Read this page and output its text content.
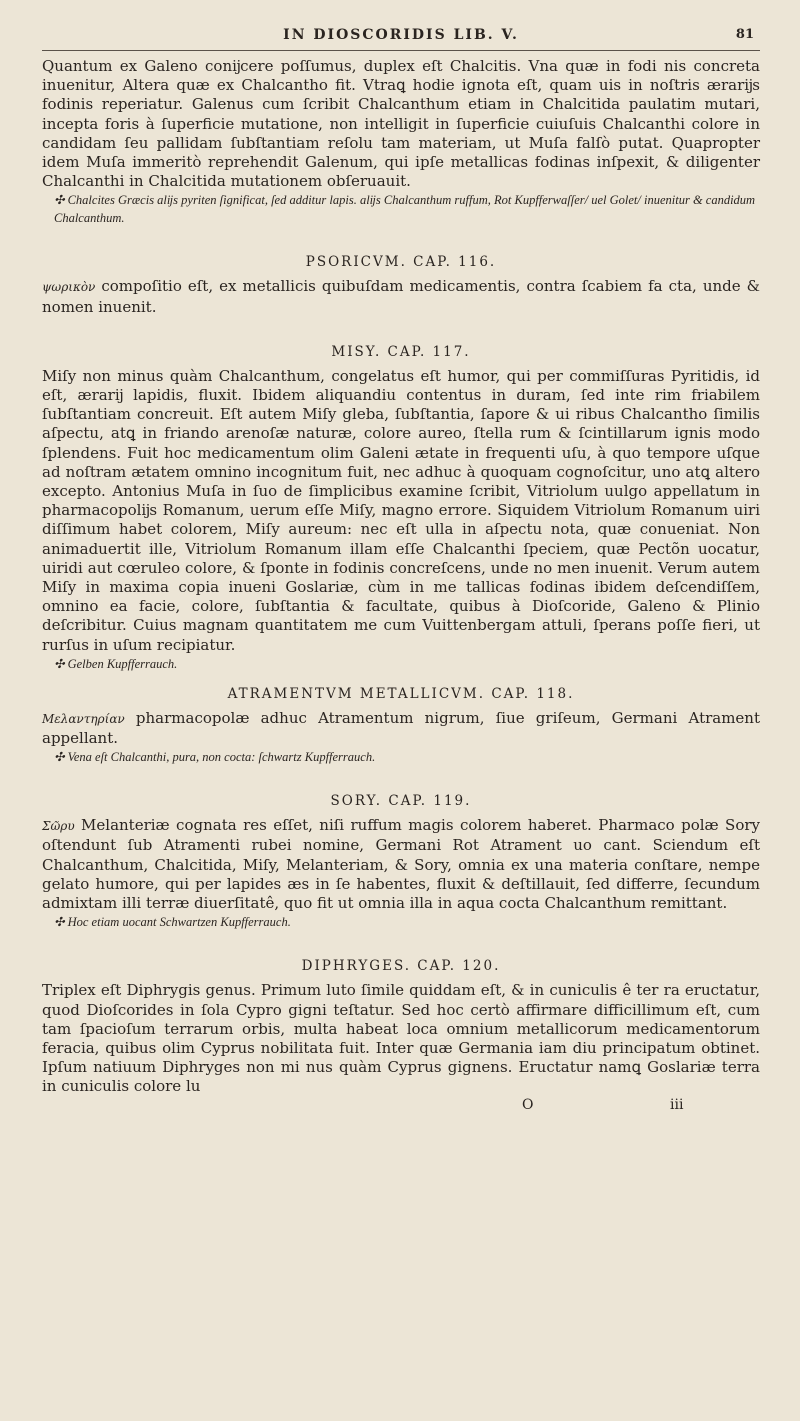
IN DIOSCORIDIS LIB. V.	81

Quantum ex Galeno conĳcere poſſumus, duplex eſt Chalcitis. Vna quæ in fodi nis concreta inuenitur, Altera quæ ex Chalcantho fit. Vtraꝗ hodie ignota eſt, quam uis in noſtris ærarĳs fodinis reperiatur. Galenus cum ſcribit Chalcanthum etiam in Chalcitida paulatim mutari, incepta foris à ſuperficie mutatione, non intelligit in ſuperficie cuiuſuis Chalcanthi colore in candidam ſeu pallidam ſubſtantiam reſolu tam materiam, ut Muſa falſò putat. Quapropter idem Muſa immeritò reprehendit Galenum, qui ipſe metallicas fodinas inſpexit, & diligenter Chalcanthi in Chalcitida mutationem obſeruauit.

✣ Chalcites Græcis alĳs pyriten ſignificat, ſed additur lapis. alĳs Chalcanthum ruffum, Rot Kupfferwaſſer/ uel Golet/ inuenitur & candidum Chalcanthum.

PSORICVM. CAP. 116.

ψωρικὸν compoſitio eſt, ex metallicis quibuſdam medicamentis, contra ſcabiem fa cta, unde & nomen inuenit.

MISY. CAP. 117.

Miſy non minus quàm Chalcanthum, congelatus eſt humor, qui per commiſſuras Pyritidis, id eſt, ærarĳ lapidis, fluxit. Ibidem aliquandiu contentus in duram, ſed inte rim friabilem ſubſtantiam concreuit. Eſt autem Miſy gleba, ſubſtantia, ſapore & ui ribus Chalcantho ſimilis aſpectu, atꝗ in friando arenoſæ naturæ, colore aureo, ſtella rum & ſcintillarum ignis modo ſplendens. Fuit hoc medicamentum olim Galeni ætate in frequenti uſu, à quo tempore uſque ad noſtram ætatem omnino incognitum fuit, nec adhuc à quoquam cognoſcitur, uno atꝗ altero excepto. Antonius Muſa in ſuo de ſimplicibus examine ſcribit, Vitriolum uulgo appellatum in pharmacopolĳs Romanum, uerum eſſe Miſy, magno errore. Siquidem Vitriolum Romanum uiri diſſimum habet colorem, Miſy aureum: nec eſt ulla in aſpectu nota, quæ conueniat. Non animaduertit ille, Vitriolum Romanum illam eſſe Chalcanthi ſpeciem, quæ Pectõn uocatur, uiridi aut cœruleo colore, & ſponte in fodinis concreſcens, unde no men inuenit. Verum autem Miſy in maxima copia inueni Goslariæ, cùm in me tallicas fodinas ibidem deſcendiſſem, omnino ea facie, colore, ſubſtantia & facultate, quibus à Dioſcoride, Galeno & Plinio deſcribitur. Cuius magnam quantitatem me cum Vuittenbergam attuli, ſperans poſſe fieri, ut rurſus in uſum recipiatur.

✣ Gelben Kupfferrauch.

ATRAMENTVM METALLICVM. CAP. 118.

Μελαντηρίαν pharmacopolæ adhuc Atramentum nigrum, ſiue griſeum, Germani Atrament appellant.

✣ Vena eſt Chalcanthi, pura, non cocta: ſchwartz Kupfferrauch.

SORY. CAP. 119.

Σῶρυ Melanteriæ cognata res eſſet, niſi ruffum magis colorem haberet. Pharmaco polæ Sory oſtendunt ſub Atramenti rubei nomine, Germani Rot Atrament uo cant. Sciendum eſt Chalcanthum, Chalcitida, Miſy, Melanteriam, & Sory, omnia ex una materia conſtare, nempe gelato humore, qui per lapides æs in ſe habentes, fluxit & deſtillauit, ſed differre, ſecundum admixtam illi terræ diuerſitatê, quo fit ut omnia illa in aqua cocta Chalcanthum remittant.

✣ Hoc etiam uocant Schwartzen Kupfferrauch.

DIPHRYGES. CAP. 120.

Triplex eſt Diphrygis genus. Primum luto ſimile quiddam eſt, & in cuniculis ê ter ra eructatur, quod Dioſcorides in ſola Cypro gigni teſtatur. Sed hoc certò affirmare difficillimum eſt, cum tam ſpacioſum terrarum orbis, multa habeat loca omnium metallicorum medicamentorum feracia, quibus olim Cyprus nobilitata fuit. Inter quæ Germania iam diu principatum obtinet. Ipſum natiuum Diphryges non mi nus quàm Cyprus gignens. Eructatur namꝗ Goslariæ terra in cuniculis colore lu

O	iii
